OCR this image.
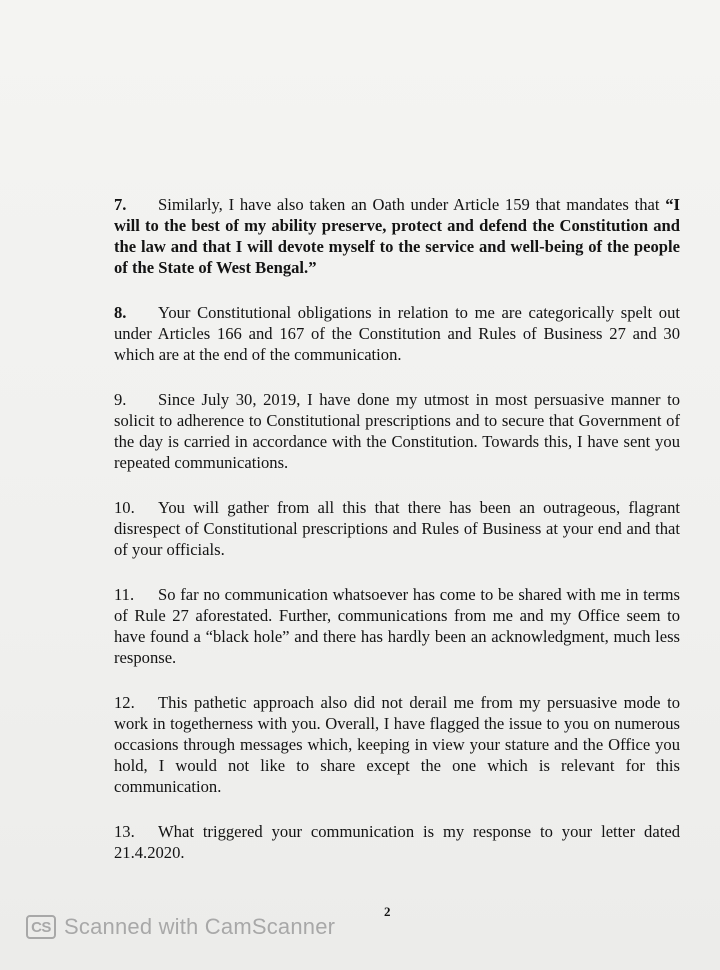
7. Similarly, I have also taken an Oath under Article 159 that mandates that “I will to the best of my ability preserve, protect and defend the Constitution and the law and that I will devote myself to the service and well-being of the people of the State of West Bengal.”

8. Your Constitutional obligations in relation to me are categorically spelt out under Articles 166 and 167 of the Constitution and Rules of Business 27 and 30 which are at the end of the communication.

9. Since July 30, 2019, I have done my utmost in most persuasive manner to solicit to adherence to Constitutional prescriptions and to secure that Government of the day is carried in accordance with the Constitution. Towards this, I have sent you repeated communications.

10. You will gather from all this that there has been an outrageous, flagrant disrespect of Constitutional prescriptions and Rules of Business at your end and that of your officials.

11. So far no communication whatsoever has come to be shared with me in terms of Rule 27 aforestated. Further, communications from me and my Office seem to have found a “black hole” and there has hardly been an acknowledgment, much less response.

12. This pathetic approach also did not derail me from my persuasive mode to work in togetherness with you. Overall, I have flagged the issue to you on numerous occasions through messages which, keeping in view your stature and the Office you hold, I would not like to share except the one which is relevant for this communication.

13. What triggered your communication is my response to your letter dated 21.4.2020.

2
CS Scanned with CamScanner
